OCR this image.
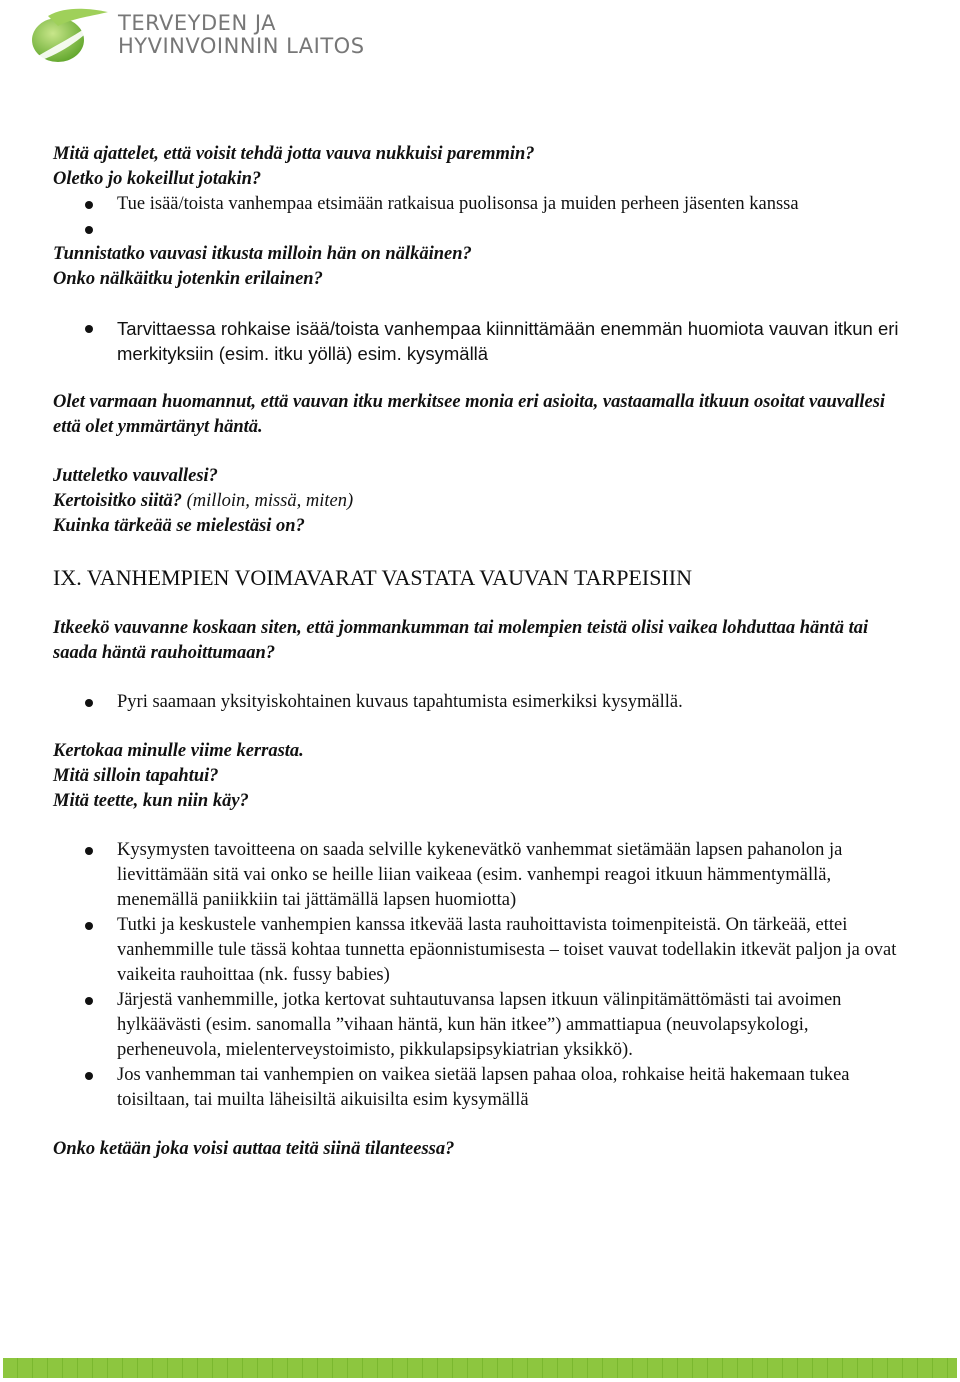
TERVEYDEN JA
HYVINVOINNIN LAITOS

Mitä ajattelet, että voisit tehdä jotta vauva nukkuisi paremmin?

Oletko jo kokeillut jotakin?

Tue isää/toista vanhempaa etsimään ratkaisua puolisonsa ja muiden perheen jäsenten kanssa

Tunnistatko vauvasi itkusta milloin hän on nälkäinen?

Onko nälkäitku jotenkin erilainen?

Tarvittaessa rohkaise isää/toista vanhempaa kiinnittämään enemmän huomiota vauvan itkun eri merkityksiin (esim. itku yöllä) esim. kysymällä

Olet varmaan huomannut, että vauvan itku merkitsee monia eri asioita, vastaamalla itkuun osoitat vauvallesi että olet ymmärtänyt häntä.

Jutteletko vauvallesi?

Kertoisitko siitä? (milloin, missä, miten)

Kuinka tärkeää se mielestäsi on?

IX. VANHEMPIEN VOIMAVARAT VASTATA VAUVAN TARPEISIIN

Itkeekö vauvanne koskaan siten, että jommankumman tai molempien teistä olisi vaikea lohduttaa häntä tai saada häntä rauhoittumaan?

Pyri saamaan yksityiskohtainen kuvaus tapahtumista esimerkiksi kysymällä.

Kertokaa minulle viime kerrasta.

Mitä silloin tapahtui?

Mitä teette, kun niin käy?

Kysymysten tavoitteena on saada selville kykenevätkö vanhemmat sietämään lapsen pahanolon ja lievittämään sitä vai onko se heille liian vaikeaa (esim. vanhempi reagoi itkuun hämmentymällä, menemällä paniikkiin tai jättämällä lapsen huomiotta)
Tutki ja keskustele vanhempien kanssa itkevää lasta rauhoittavista toimenpiteistä. On tärkeää, ettei vanhemmille tule tässä kohtaa tunnetta epäonnistumisesta – toiset vauvat todellakin itkevät paljon ja ovat vaikeita rauhoittaa (nk. fussy babies)
Järjestä vanhemmille, jotka kertovat suhtautuvansa lapsen itkuun välinpitämättömästi tai avoimen hylkäävästi (esim. sanomalla ”vihaan häntä, kun hän itkee”) ammattiapua (neuvolapsykologi, perheneuvola, mielenterveystoimisto, pikkulapsipsykiatrian yksikkö).
Jos vanhemman tai vanhempien on vaikea sietää lapsen pahaa oloa, rohkaise heitä hakemaan tukea toisiltaan, tai muilta läheisiltä aikuisilta esim kysymällä

Onko ketään joka voisi auttaa teitä siinä tilanteessa?
